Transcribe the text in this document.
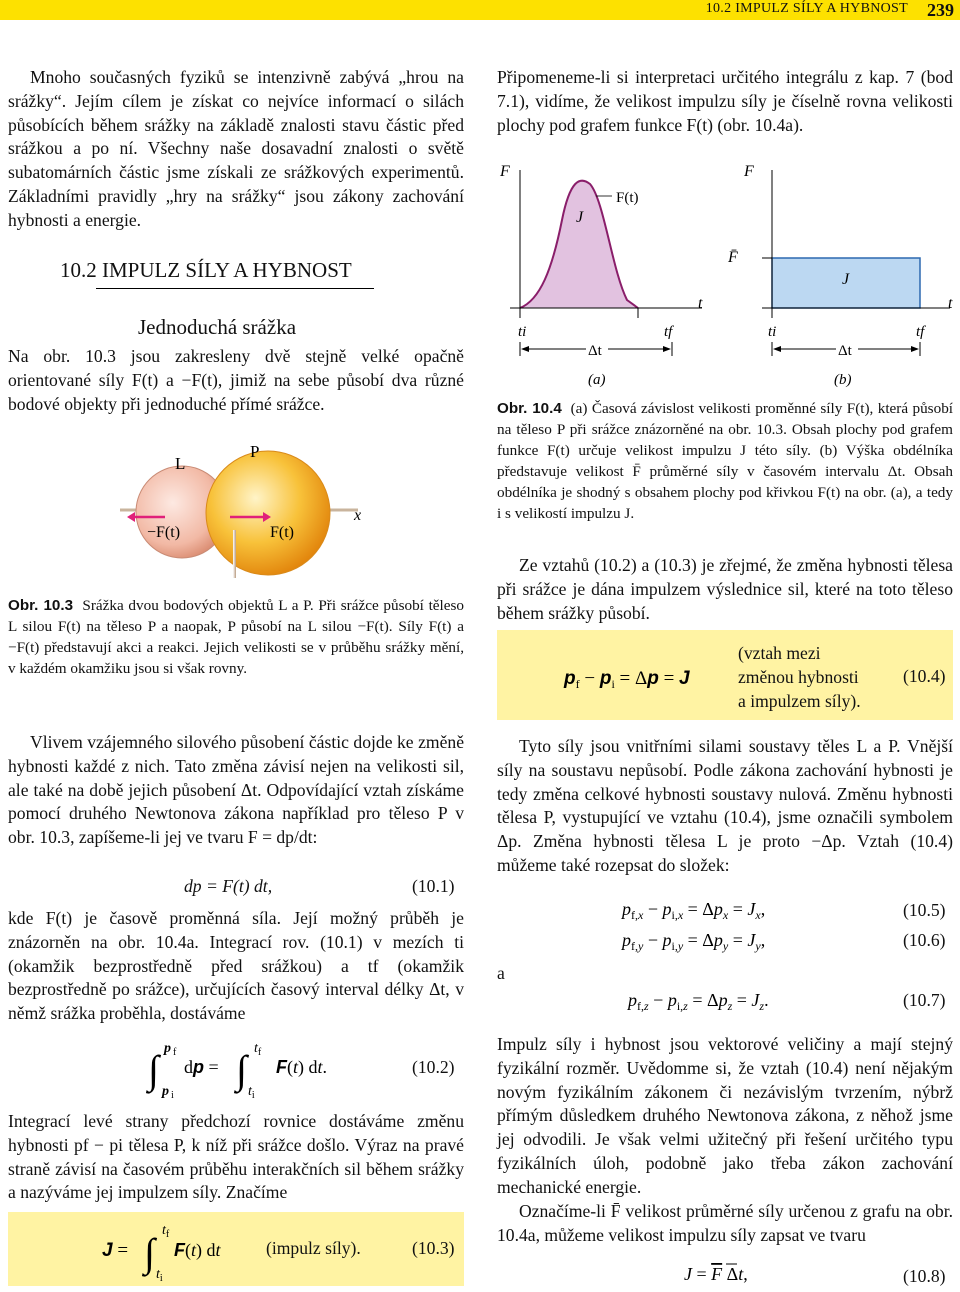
10.2 IMPULZ SÍLY A HYBNOST 239

Mnoho současných fyziků se intenzivně zabývá „hrou na srážky“. Jejím cílem je získat co nejvíce informací o silách působících během srážky na základě znalosti stavu částic před srážkou a po ní. Všechny naše dosavadní znalosti o světě subatomárních částic jsme získali ze srážkových experimentů. Základními pravidly „hry na srážky“ jsou zákony zachování hybnosti a energie.

10.2 IMPULZ SÍLY A HYBNOST
Jednoduchá srážka

Na obr. 10.3 jsou zakresleny dvě stejně velké opačně orientované síly F(t) a −F(t), jimiž na sebe působí dva různé bodové objekty při jednoduché přímé srážce.

L
P
x
−F(t)	F(t)

Obr. 10.3 Srážka dvou bodových objektů L a P. Při srážce působí těleso L silou F(t) na těleso P a naopak, P působí na L silou −F(t). Síly F(t) a −F(t) představují akci a reakci. Jejich velikosti se v průběhu srážky mění, v každém okamžiku jsou si však rovny.

Vlivem vzájemného silového působení částic dojde ke změně hybnosti každé z nich. Tato změna závisí nejen na velikosti sil, ale také na době jejich působení Δt. Odpovídající vztah získáme pomocí druhého Newtonova zákona například pro těleso P v obr. 10.3, zapíšeme-li jej ve tvaru F = dp/dt:

dp = F(t) dt,	(10.1)

kde F(t) je časově proměnná síla. Její možný průběh je znázorněn na obr. 10.4a. Integrací rov. (10.1) v mezích ti (okamžik bezprostředně před srážkou) a tf (okamžik bezprostředně po srážce), určujících časový interval délky Δt, v němž srážka proběhla, dostáváme

∫ p f
p i
dp = ∫ $t_f$
$t_i$
F(t) dt.	(10.2)

Integrací levé strany předchozí rovnice dostáváme změnu hybnosti pf − pi tělesa P, k níž při srážce došlo. Výraz na pravé straně závisí na časovém průběhu interakčních sil během srážky a nazýváme jej impulzem síly. Značíme

J = ∫ $t_f$
$t_i$
F(t) dt	(impulz síly).	(10.3)

Připomeneme-li si interpretaci určitého integrálu z kap. 7 (bod 7.1), vidíme, že velikost impulzu síly je číselně rovna velikosti plochy pod grafem funkce F(t) (obr. 10.4a).

F
t
F(t)
J
ti	tf
Δt
(a)
F
t
F̄
J
ti	tf
Δt
(b)

Obr. 10.4 (a) Časová závislost velikosti proměnné síly F(t), která působí na těleso P při srážce znázorněné na obr. 10.3. Obsah plochy pod grafem funkce F(t) určuje velikost impulzu J této síly. (b) Výška obdélníka představuje velikost F̄ průměrné síly v časovém intervalu Δt. Obsah obdélníka je shodný s obsahem plochy pod křivkou F(t) na obr. (a), a tedy i s velikostí impulzu J.

Ze vztahů (10.2) a (10.3) je zřejmé, že změna hybnosti tělesa při srážce je dána impulzem výslednice sil, které na toto těleso během srážky působí.

$p_f - p_i = \Delta p = J$
(vztah mezi
změnou hybnosti
a impulzem síly).
(10.4)

Tyto síly jsou vnitřními silami soustavy těles L a P. Vnější síly na soustavu nepůsobí. Podle zákona zachování hybnosti je tedy změna celkové hybnosti soustavy nulová. Změnu hybnosti tělesa P, vystupující ve vztahu (10.4), jsme označili symbolem Δp. Změna hybnosti tělesa L je proto −Δp. Vztah (10.4) můžeme také rozepsat do složek:

$p_{f,}x - p_{i,}x = \Delta p_x = J_x$,	(10.5)
$p_{f,}y - p_{i,}y = \Delta p_y = J_y$,	(10.6)
a
$p_{f,}z - p_{i,}z = \Delta p_z = J_z$.	(10.7)

Impulz síly i hybnost jsou vektorové veličiny a mají stejný fyzikální rozměr. Uvědomme si, že vztah (10.4) není nějakým novým fyzikálním zákonem či nezávislým tvrzením, nýbrž přímým důsledkem druhého Newtonova zákona, z něhož jsme jej odvodili. Je však velmi užitečný při řešení určitého typu fyzikálních úloh, podobně jako třeba zákon zachování mechanické energie.

Označíme-li F̄ velikost průměrné síly určenou z grafu na obr. 10.4a, můžeme velikost impulzu síly zapsat ve tvaru

J = F Δt,	(10.8)
